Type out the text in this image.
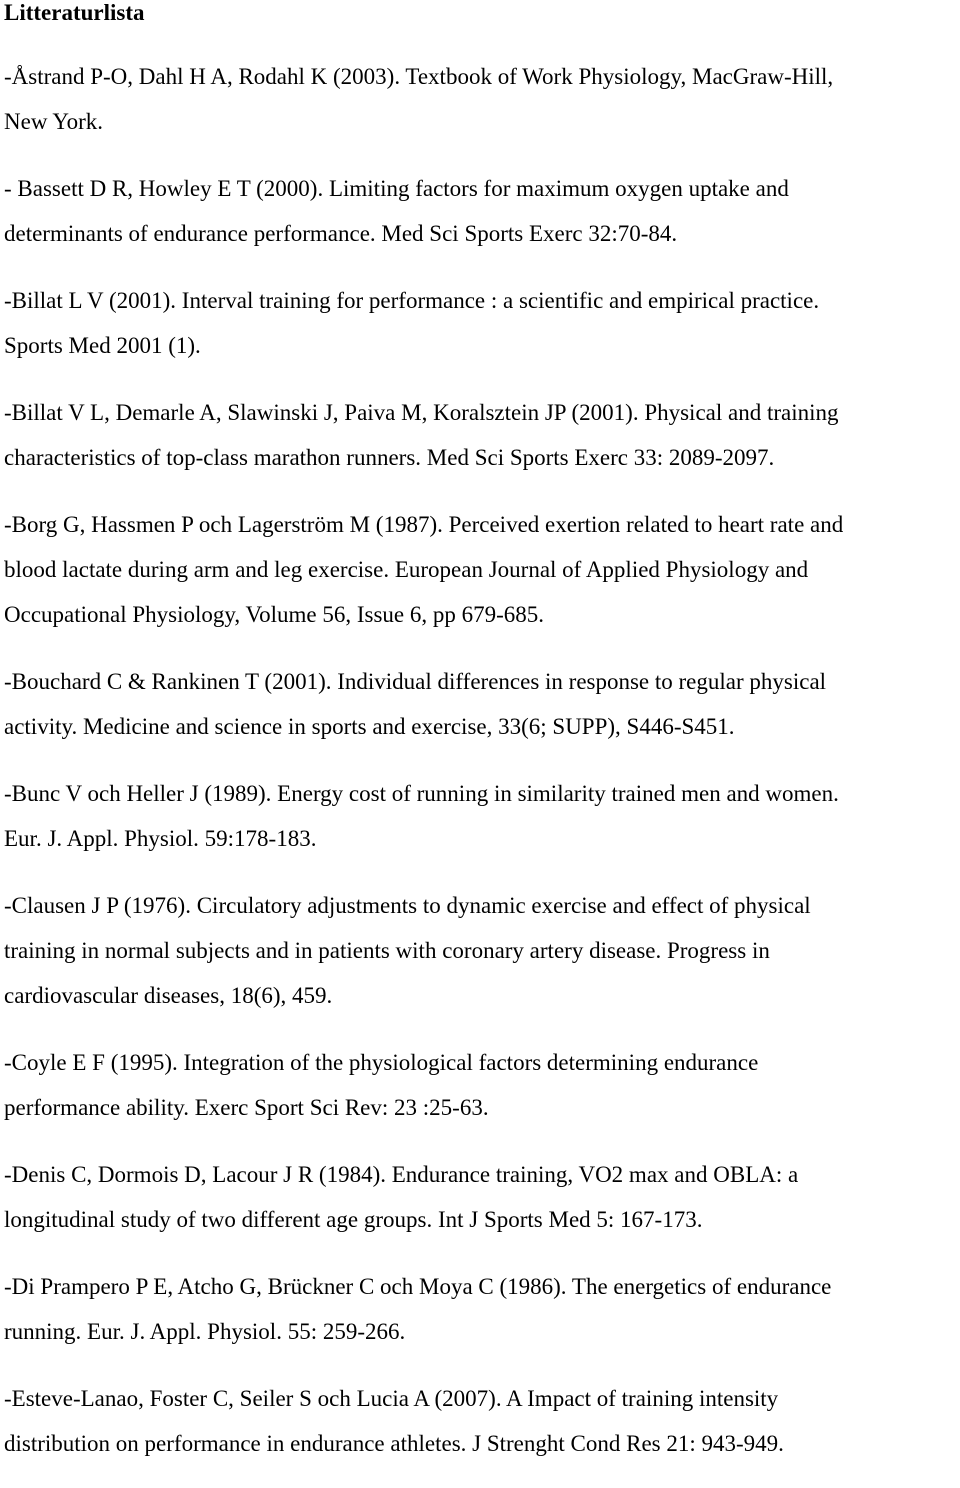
Litteraturlista
-Åstrand P-O, Dahl H A, Rodahl K (2003). Textbook of Work Physiology, MacGraw-Hill,
New York.
- Bassett D R, Howley E T (2000). Limiting factors for maximum oxygen uptake and
determinants of endurance performance. Med Sci Sports Exerc 32:70-84.
-Billat L V (2001). Interval training for performance : a scientific and empirical practice.
Sports Med 2001 (1).
-Billat V L, Demarle A, Slawinski J, Paiva M, Koralsztein JP (2001). Physical and training
characteristics of top-class marathon runners. Med Sci Sports Exerc 33: 2089-2097.
-Borg G, Hassmen P och Lagerström M (1987). Perceived exertion related to heart rate and
blood lactate during arm and leg exercise. European Journal of Applied Physiology and
Occupational Physiology, Volume 56, Issue 6, pp 679-685.
-Bouchard C & Rankinen T (2001). Individual differences in response to regular physical
activity. Medicine and science in sports and exercise, 33(6; SUPP), S446-S451.
-Bunc V och Heller J (1989). Energy cost of running in similarity trained men and women.
Eur. J. Appl. Physiol. 59:178-183.
-Clausen J P (1976). Circulatory adjustments to dynamic exercise and effect of physical
training in normal subjects and in patients with coronary artery disease. Progress in
cardiovascular diseases, 18(6), 459.
-Coyle E F (1995). Integration of the physiological factors determining endurance
performance ability. Exerc Sport Sci Rev: 23 :25-63.
-Denis C, Dormois D, Lacour J R (1984). Endurance training, VO2 max and OBLA: a
longitudinal study of two different age groups. Int J Sports Med 5: 167-173.
-Di Prampero P E, Atcho G, Brückner C och Moya C (1986). The energetics of endurance
running. Eur. J. Appl. Physiol. 55: 259-266.
-Esteve-Lanao, Foster C, Seiler S och Lucia A (2007). A Impact of training intensity
distribution on performance in endurance athletes. J Strenght Cond Res 21: 943-949.
